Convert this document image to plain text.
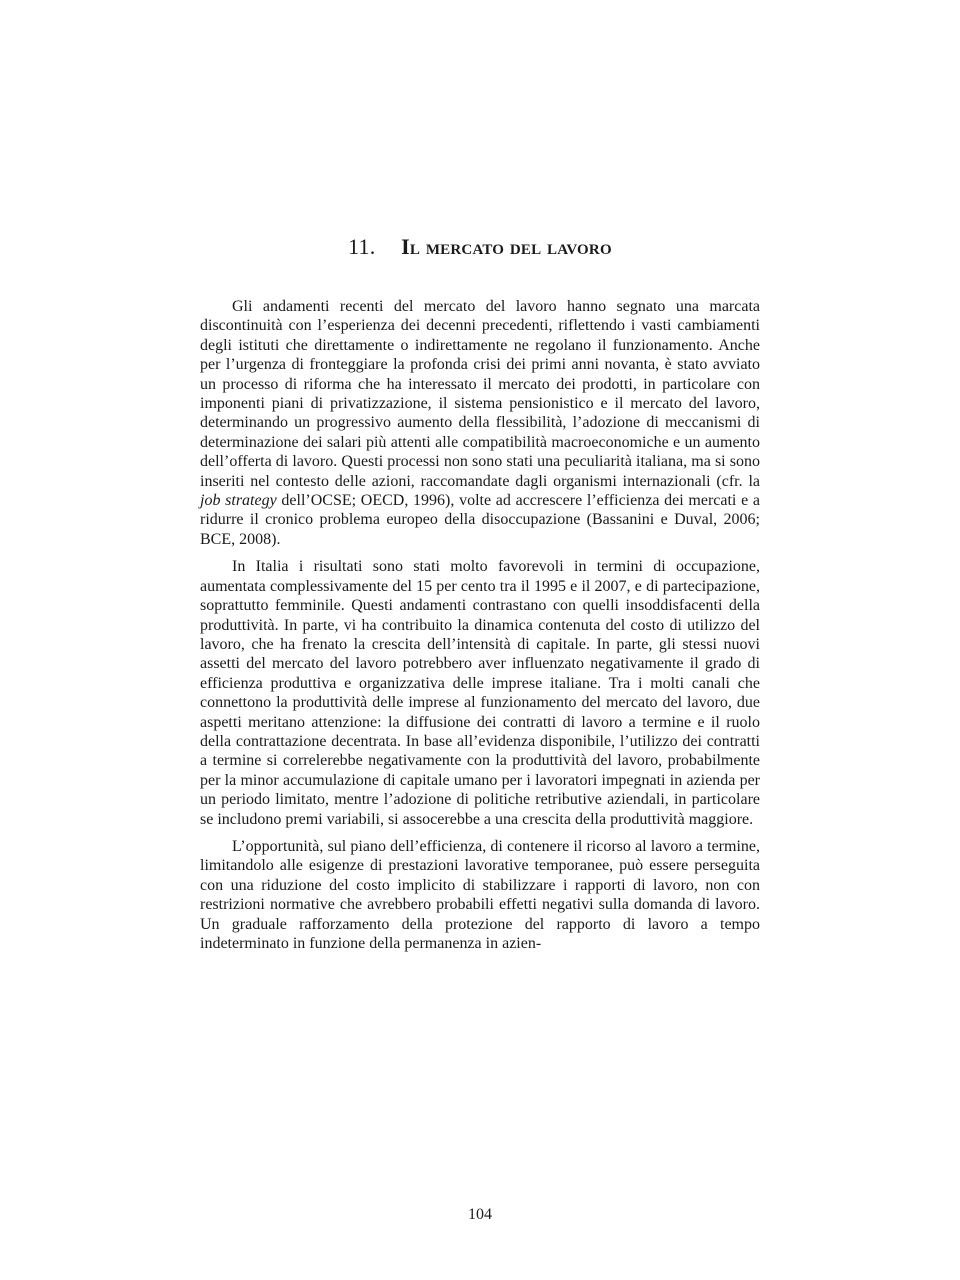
11. Il mercato del lavoro

Gli andamenti recenti del mercato del lavoro hanno segnato una marcata discontinuità con l’esperienza dei decenni precedenti, riflettendo i vasti cambiamenti degli istituti che direttamente o indirettamente ne regolano il funzionamento. Anche per l’urgenza di fronteggiare la profonda crisi dei primi anni novanta, è stato avviato un processo di riforma che ha interessato il mercato dei prodotti, in particolare con imponenti piani di privatizzazione, il sistema pensionistico e il mercato del lavoro, determinando un progressivo aumento della flessibilità, l’adozione di meccanismi di determinazione dei salari più attenti alle compatibilità macroeconomiche e un aumento dell’offerta di lavoro. Questi processi non sono stati una peculiarità italiana, ma si sono inseriti nel contesto delle azioni, raccomandate dagli organismi internazionali (cfr. la job strategy dell’OCSE; OECD, 1996), volte ad accrescere l’efficienza dei mercati e a ridurre il cronico problema europeo della disoccupazione (Bassanini e Duval, 2006; BCE, 2008).

In Italia i risultati sono stati molto favorevoli in termini di occupazione, aumentata complessivamente del 15 per cento tra il 1995 e il 2007, e di partecipazione, soprattutto femminile. Questi andamenti contrastano con quelli insoddisfacenti della produttività. In parte, vi ha contribuito la dinamica contenuta del costo di utilizzo del lavoro, che ha frenato la crescita dell’intensità di capitale. In parte, gli stessi nuovi assetti del mercato del lavoro potrebbero aver influenzato negativamente il grado di efficienza produttiva e organizzativa delle imprese italiane. Tra i molti canali che connettono la produttività delle imprese al funzionamento del mercato del lavoro, due aspetti meritano attenzione: la diffusione dei contratti di lavoro a termine e il ruolo della contrattazione decentrata. In base all’evidenza disponibile, l’utilizzo dei contratti a termine si correlerebbe negativamente con la produttività del lavoro, probabilmente per la minor accumulazione di capitale umano per i lavoratori impegnati in azienda per un periodo limitato, mentre l’adozione di politiche retributive aziendali, in particolare se includono premi variabili, si assocerebbe a una crescita della produttività maggiore.

L’opportunità, sul piano dell’efficienza, di contenere il ricorso al lavoro a termine, limitandolo alle esigenze di prestazioni lavorative temporanee, può essere perseguita con una riduzione del costo implicito di stabilizzare i rapporti di lavoro, non con restrizioni normative che avrebbero probabili effetti negativi sulla domanda di lavoro. Un graduale rafforzamento della protezione del rapporto di lavoro a tempo indeterminato in funzione della permanenza in azien-

104
